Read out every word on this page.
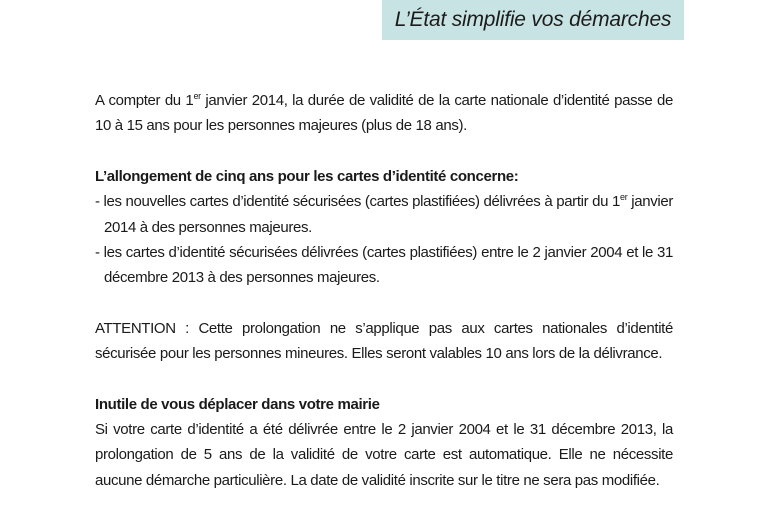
L’État simplifie vos démarches

A compter du 1er janvier 2014, la durée de validité de la carte nationale d’identité passe de 10 à 15 ans pour les personnes majeures (plus de 18 ans).

L’allongement de cinq ans pour les cartes d’identité concerne:

- les nouvelles cartes d’identité sécurisées (cartes plastifiées) délivrées à partir du 1er janvier 2014 à des personnes majeures.

- les cartes d’identité sécurisées délivrées (cartes plastifiées) entre le 2 janvier 2004 et le 31 décembre 2013 à des personnes majeures.

ATTENTION : Cette prolongation ne s’applique pas aux cartes nationales d’identité sécurisée pour les personnes mineures. Elles seront valables 10 ans lors de la délivrance.

Inutile de vous déplacer dans votre mairie

Si votre carte d’identité a été délivrée entre le 2 janvier 2004 et le 31 décembre 2013, la prolongation de 5 ans de la validité de votre carte est automatique. Elle ne nécessite aucune démarche particulière. La date de validité inscrite sur le titre ne sera pas modifiée.
